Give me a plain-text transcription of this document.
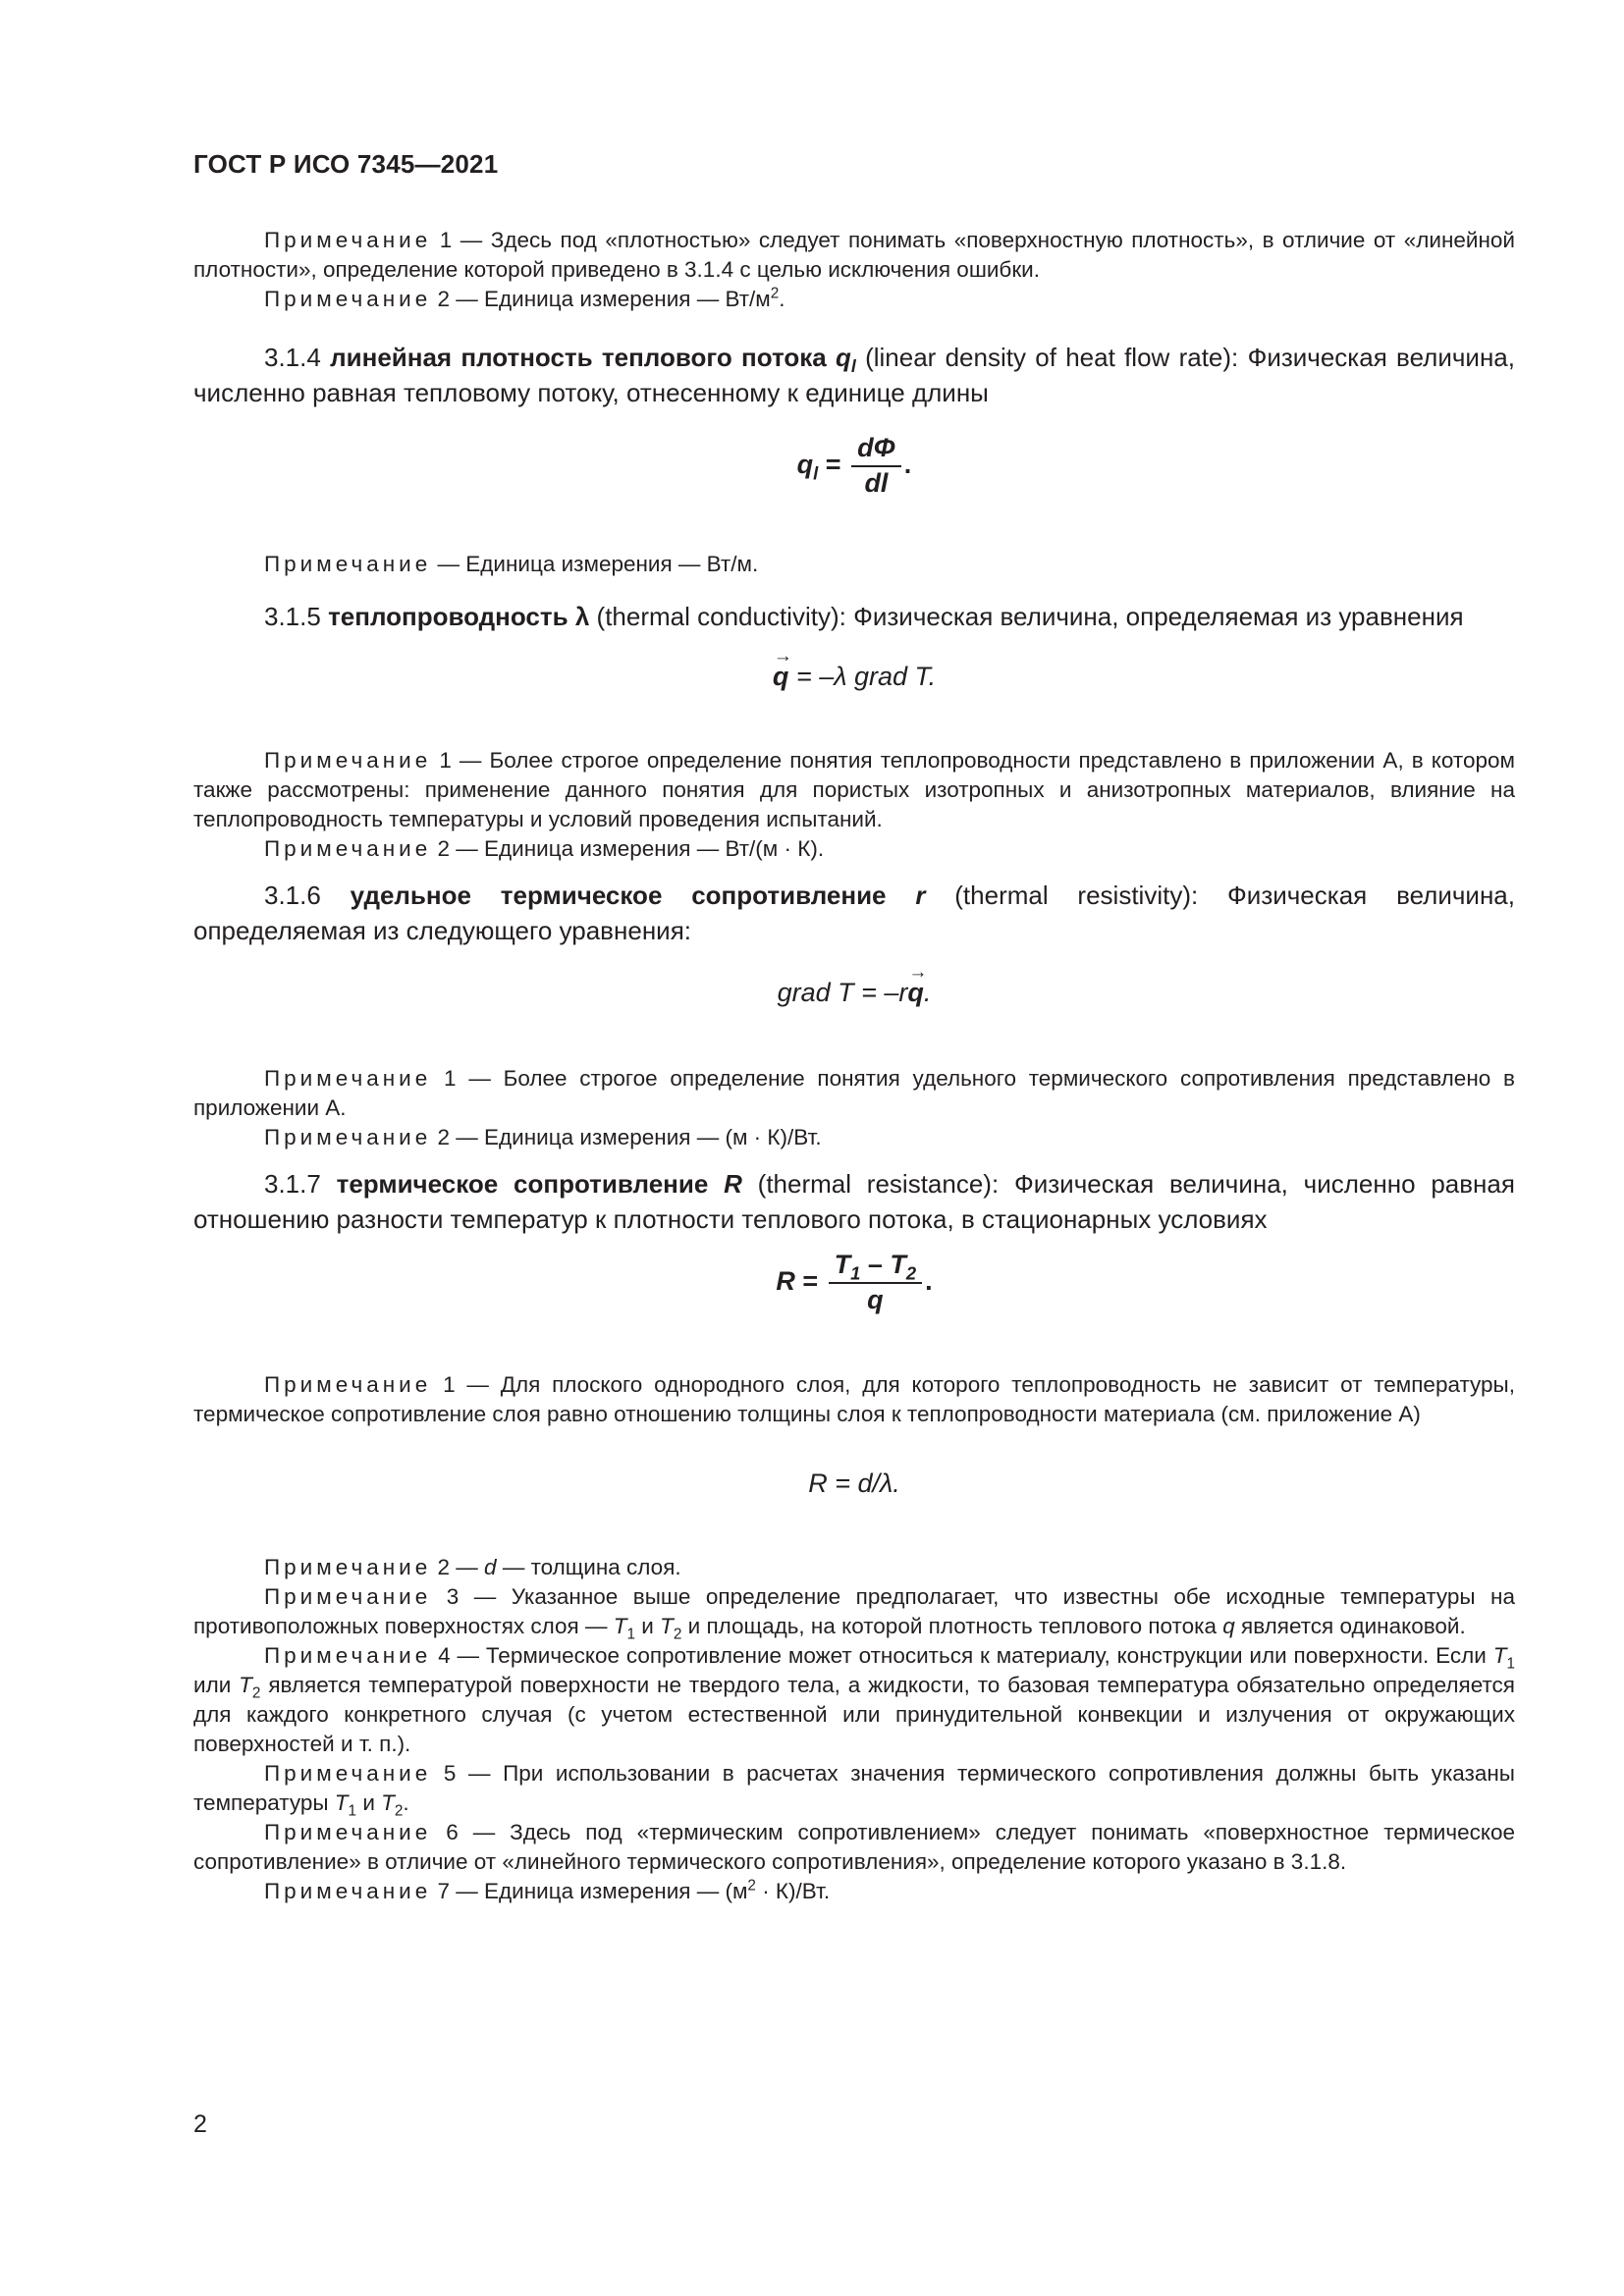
ГОСТ Р ИСО 7345—2021

Примечание 1 — Здесь под «плотностью» следует понимать «поверхностную плотность», в отличие от «линейной плотности», определение которой приведено в 3.1.4 с целью исключения ошибки.

Примечание 2 — Единица измерения — $Вт/м^2$.

3.1.4 линейная плотность теплового потока $q_l$ (linear density of heat flow rate): Физическая величина, численно равная тепловому потоку, отнесенному к единице длины

$q_l = \frac{d\Phi}{dl}$ .

Примечание — Единица измерения — Вт/м.

3.1.5 теплопроводность λ (thermal conductivity): Физическая величина, определяемая из уравнения

→
q = –λ grad T.

Примечание 1 — Более строгое определение понятия теплопроводности представлено в приложении А, в котором также рассмотрены: применение данного понятия для пористых изотропных и анизотропных материалов, влияние на теплопроводность температуры и условий проведения испытаний.

Примечание 2 — Единица измерения — Вт/(м · К).

3.1.6 удельное термическое сопротивление r (thermal resistivity): Физическая величина, определяемая из следующего уравнения:

grad T = –r
→
q.

Примечание 1 — Более строгое определение понятия удельного термического сопротивления представлено в приложении А.

Примечание 2 — Единица измерения — (м · К)/Вт.

3.1.7 термическое сопротивление R (thermal resistance): Физическая величина, численно равная отношению разности температур к плотности теплового потока, в стационарных условиях

$R = \frac{T_1 - T_2}{q}$ .

Примечание 1 — Для плоского однородного слоя, для которого теплопроводность не зависит от температуры, термическое сопротивление слоя равно отношению толщины слоя к теплопроводности материала (см. приложение А)

R = d/λ.

Примечание 2 — d — толщина слоя.

Примечание 3 — Указанное выше определение предполагает, что известны обе исходные температуры на противоположных поверхностях слоя — $T_1$ и $T_2$ и площадь, на которой плотность теплового потока q является одинаковой.

Примечание 4 — Термическое сопротивление может относиться к материалу, конструкции или поверхности. Если $T_1$ или $T_2$ является температурой поверхности не твердого тела, а жидкости, то базовая температура обязательно определяется для каждого конкретного случая (с учетом естественной или принудительной конвекции и излучения от окружающих поверхностей и т. п.).

Примечание 5 — При использовании в расчетах значения термического сопротивления должны быть указаны температуры $T_1$ и $T_2$.

Примечание 6 — Здесь под «термическим сопротивлением» следует понимать «поверхностное термическое сопротивление» в отличие от «линейного термического сопротивления», определение которого указано в 3.1.8.

Примечание 7 — Единица измерения — $(м^2 \cdot К)/Вт$.

2
